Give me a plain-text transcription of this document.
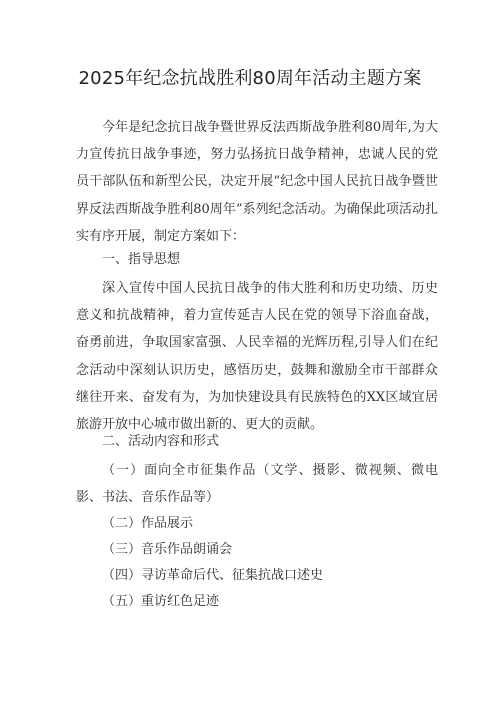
2025年纪念抗战胜利80周年活动主题方案
今年是纪念抗日战争暨世界反法西斯战争胜利80周年,为大力宣传抗日战争事迹，努力弘扬抗日战争精神，忠诚人民的党员干部队伍和新型公民，决定开展“纪念中国人民抗日战争暨世界反法西斯战争胜利80周年”系列纪念活动。为确保此项活动扎实有序开展，制定方案如下：
一、指导思想
深入宣传中国人民抗日战争的伟大胜利和历史功绩、历史意义和抗战精神，着力宣传延吉人民在党的领导下浴血奋战，奋勇前进，争取国家富强、人民幸福的光辉历程,引导人们在纪念活动中深刻认识历史，感悟历史，鼓舞和激励全市干部群众继往开来、奋发有为，为加快建设具有民族特色的XX区域宜居旅游开放中心城市做出新的、更大的贡献。
二、活动内容和形式
（一）面向全市征集作品（文学、摄影、微视频、微电影、书法、音乐作品等）
（二）作品展示
（三）音乐作品朗诵会
（四）寻访革命后代、征集抗战口述史
（五）重访红色足迹
